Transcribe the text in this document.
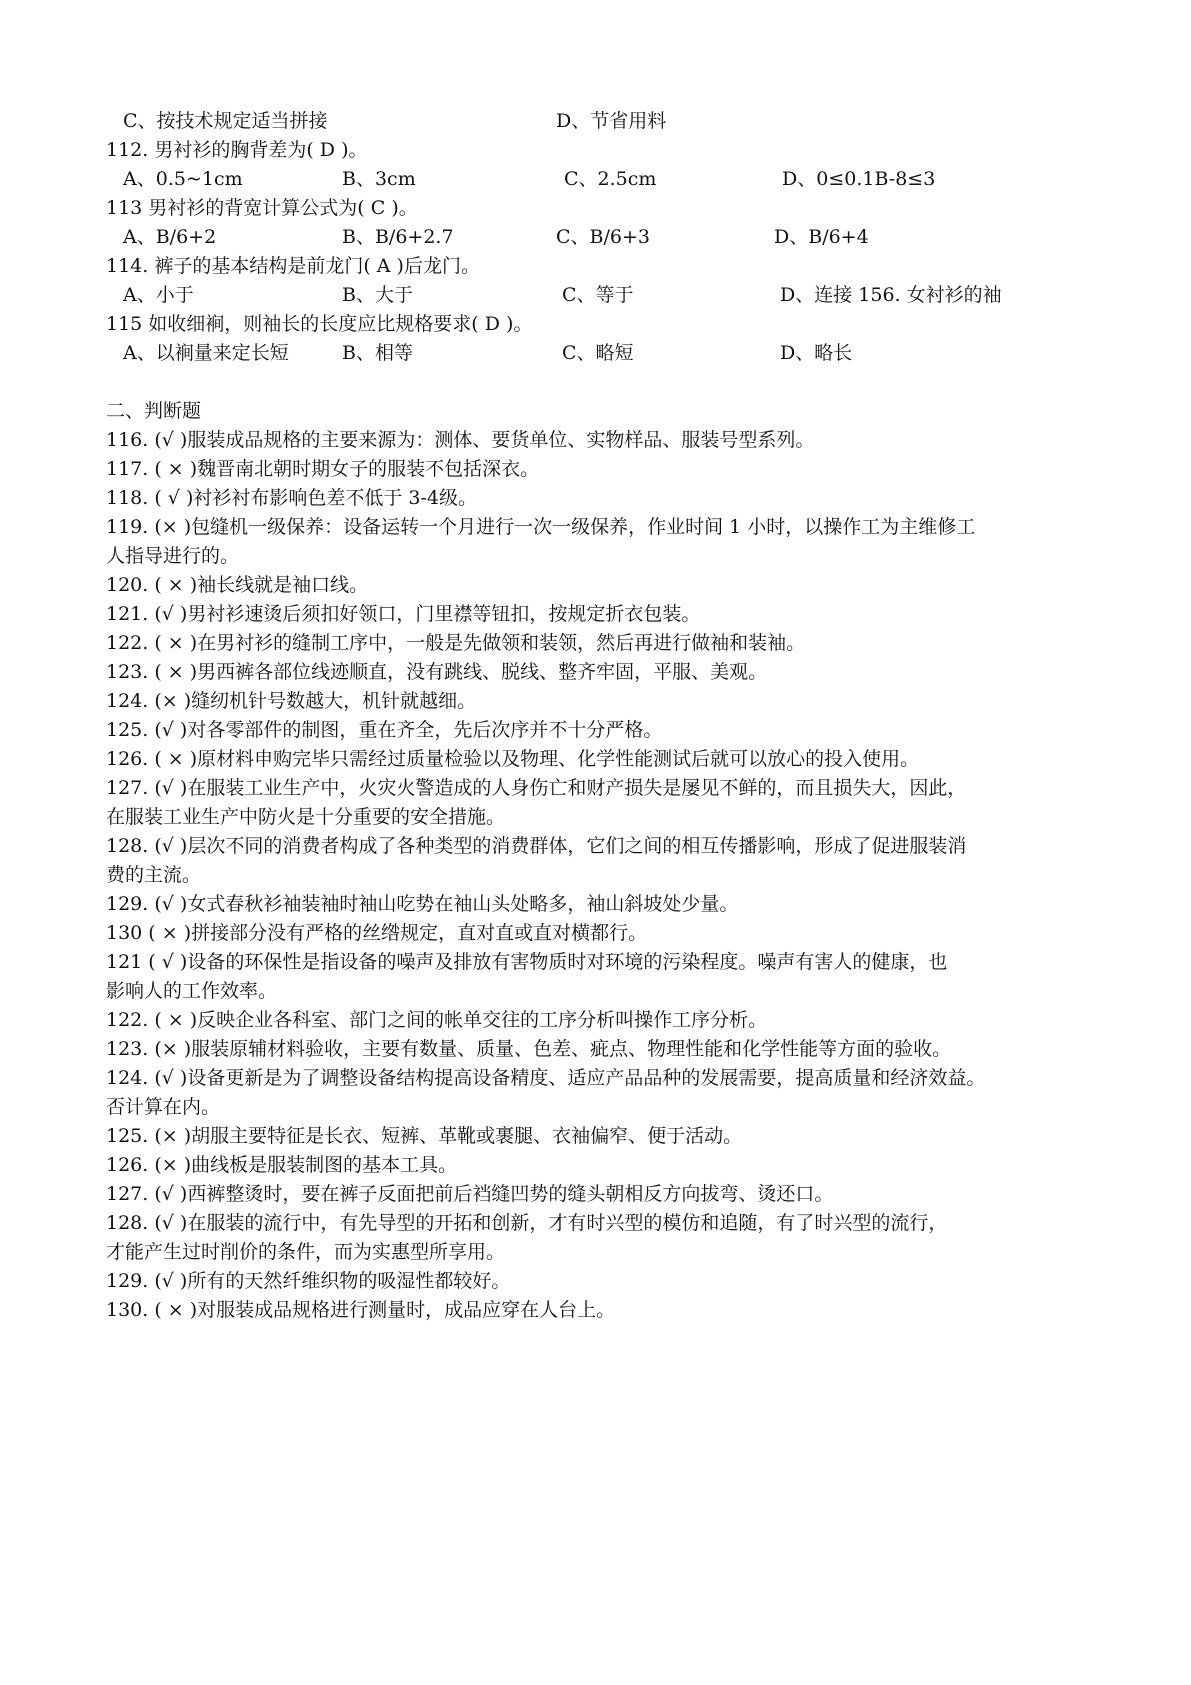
C、按技术规定适当拼接	D、节省用料
112. 男衬衫的胸背差为( D )。
A、0.5~1cm	B、3cm	C、2.5cm	D、0≤0.1B-8≤3
113 男衬衫的背宽计算公式为( C )。
A、B/6+2	B、B/6+2.7	C、B/6+3	D、B/6+4
114. 裤子的基本结构是前龙门( A )后龙门。
A、小于	B、大于	C、等于	D、连接 156. 女衬衫的袖
115 如收细裥，则袖长的长度应比规格要求( D )。
A、以裥量来定长短	B、相等	C、略短	D、略长
二、判断题
116. (√ )服装成品规格的主要来源为：测体、要货单位、实物样品、服装号型系列。
117. ( × )魏晋南北朝时期女子的服装不包括深衣。
118. ( √ )衬衫衬布影响色差不低于 3-4级。
119. (× )包缝机一级保养：设备运转一个月进行一次一级保养，作业时间 1 小时，以操作工为主维修工
人指导进行的。
120. ( × )袖长线就是袖口线。
121. (√ )男衬衫速烫后须扣好领口，门里襟等钮扣，按规定折衣包装。
122. ( × )在男衬衫的缝制工序中，一般是先做领和装领，然后再进行做袖和装袖。
123. ( × )男西裤各部位线迹顺直，没有跳线、脱线、整齐牢固，平服、美观。
124. (× )缝纫机针号数越大，机针就越细。
125. (√ )对各零部件的制图，重在齐全，先后次序并不十分严格。
126. ( × )原材料申购完毕只需经过质量检验以及物理、化学性能测试后就可以放心的投入使用。
127. (√ )在服装工业生产中，火灾火警造成的人身伤亡和财产损失是屡见不鲜的，而且损失大，因此，
在服装工业生产中防火是十分重要的安全措施。
128. (√ )层次不同的消费者构成了各种类型的消费群体，它们之间的相互传播影响，形成了促进服装消
费的主流。
129. (√ )女式春秋衫袖装袖时袖山吃势在袖山头处略多，袖山斜坡处少量。
130 ( × )拼接部分没有严格的丝绺规定，直对直或直对横都行。
121 ( √ )设备的环保性是指设备的噪声及排放有害物质时对环境的污染程度。噪声有害人的健康，也
影响人的工作效率。
122. ( × )反映企业各科室、部门之间的帐单交往的工序分析叫操作工序分析。
123. (× )服装原辅材料验收，主要有数量、质量、色差、疵点、物理性能和化学性能等方面的验收。
124. (√ )设备更新是为了调整设备结构提高设备精度、适应产品品种的发展需要，提高质量和经济效益。
否计算在内。
125. (× )胡服主要特征是长衣、短裤、革靴或裹腿、衣袖偏窄、便于活动。
126. (× )曲线板是服装制图的基本工具。
127. (√ )西裤整烫时，要在裤子反面把前后裆缝凹势的缝头朝相反方向拔弯、烫还口。
128. (√ )在服装的流行中，有先导型的开拓和创新，才有时兴型的模仿和追随，有了时兴型的流行，
才能产生过时削价的条件，而为实惠型所享用。
129. (√ )所有的天然纤维织物的吸湿性都较好。
130. ( × )对服装成品规格进行测量时，成品应穿在人台上。
